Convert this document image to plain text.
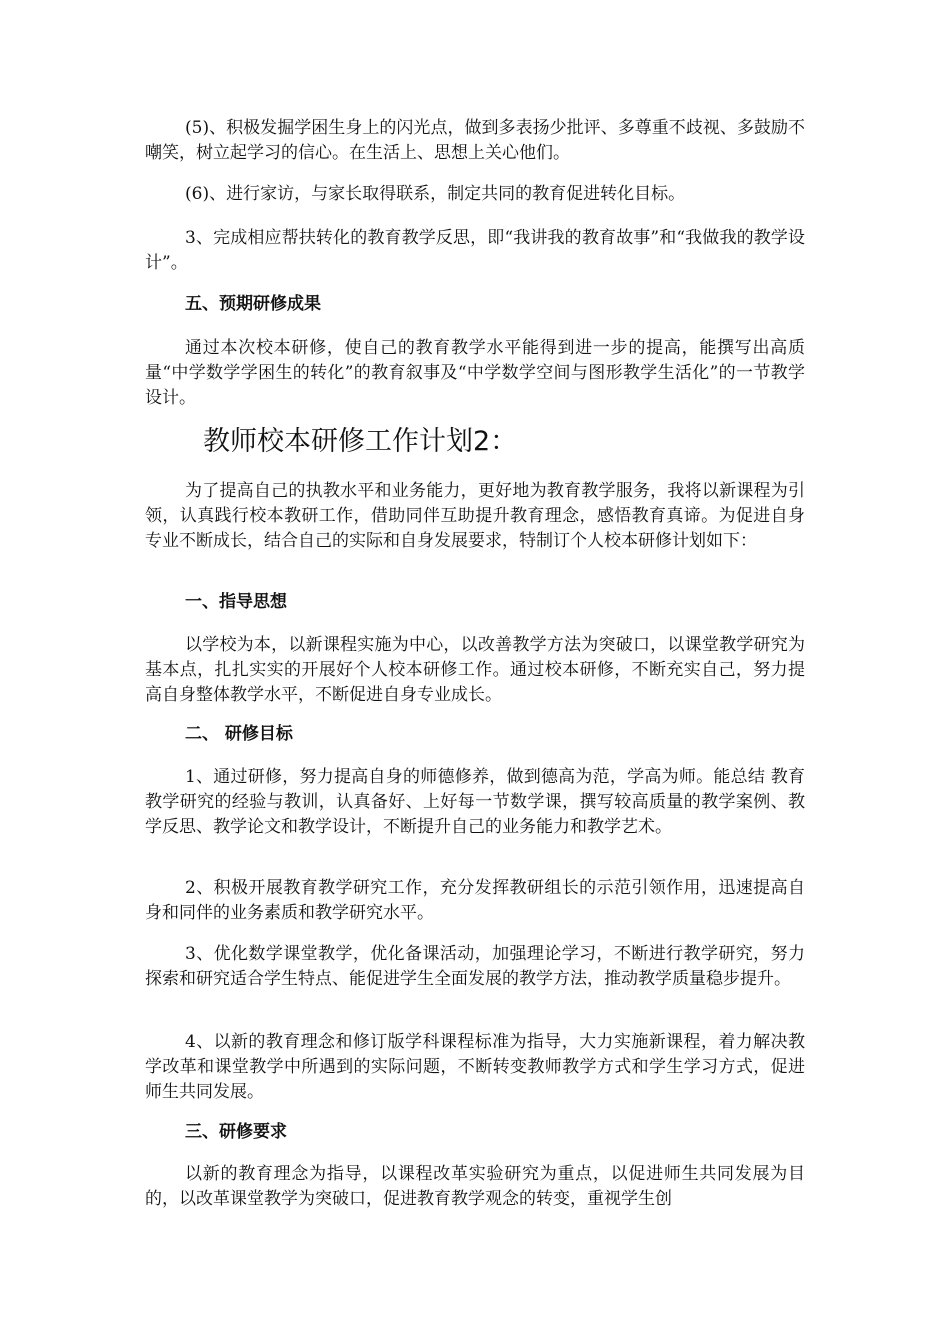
(5)、积极发掘学困生身上的闪光点，做到多表扬少批评、多尊重不歧视、多鼓励不嘲笑，树立起学习的信心。在生活上、思想上关心他们。

(6)、进行家访，与家长取得联系，制定共同的教育促进转化目标。

3、完成相应帮扶转化的教育教学反思，即“我讲我的教育故事”和“我做我的教学设计”。

五、预期研修成果

通过本次校本研修，使自己的教育教学水平能得到进一步的提高，能撰写出高质量“中学数学学困生的转化”的教育叙事及“中学数学空间与图形教学生活化”的一节教学设计。

教师校本研修工作计划2：

为了提高自己的执教水平和业务能力，更好地为教育教学服务，我将以新课程为引领，认真践行校本教研工作，借助同伴互助提升教育理念，感悟教育真谛。为促进自身专业不断成长，结合自己的实际和自身发展要求，特制订个人校本研修计划如下：

一、指导思想

以学校为本，以新课程实施为中心，以改善教学方法为突破口，以课堂教学研究为基本点，扎扎实实的开展好个人校本研修工作。通过校本研修，不断充实自己，努力提高自身整体教学水平，不断促进自身专业成长。

二、 研修目标

1、通过研修，努力提高自身的师德修养，做到德高为范，学高为师。能总结 教育教学研究的经验与教训，认真备好、上好每一节数学课，撰写较高质量的教学案例、教学反思、教学论文和教学设计，不断提升自己的业务能力和教学艺术。

2、积极开展教育教学研究工作，充分发挥教研组长的示范引领作用，迅速提高自身和同伴的业务素质和教学研究水平。

3、优化数学课堂教学，优化备课活动，加强理论学习，不断进行教学研究，努力探索和研究适合学生特点、能促进学生全面发展的教学方法，推动教学质量稳步提升。

4、以新的教育理念和修订版学科课程标准为指导，大力实施新课程，着力解决教学改革和课堂教学中所遇到的实际问题，不断转变教师教学方式和学生学习方式，促进师生共同发展。

三、研修要求

以新的教育理念为指导，以课程改革实验研究为重点，以促进师生共同发展为目的，以改革课堂教学为突破口，促进教育教学观念的转变，重视学生创
